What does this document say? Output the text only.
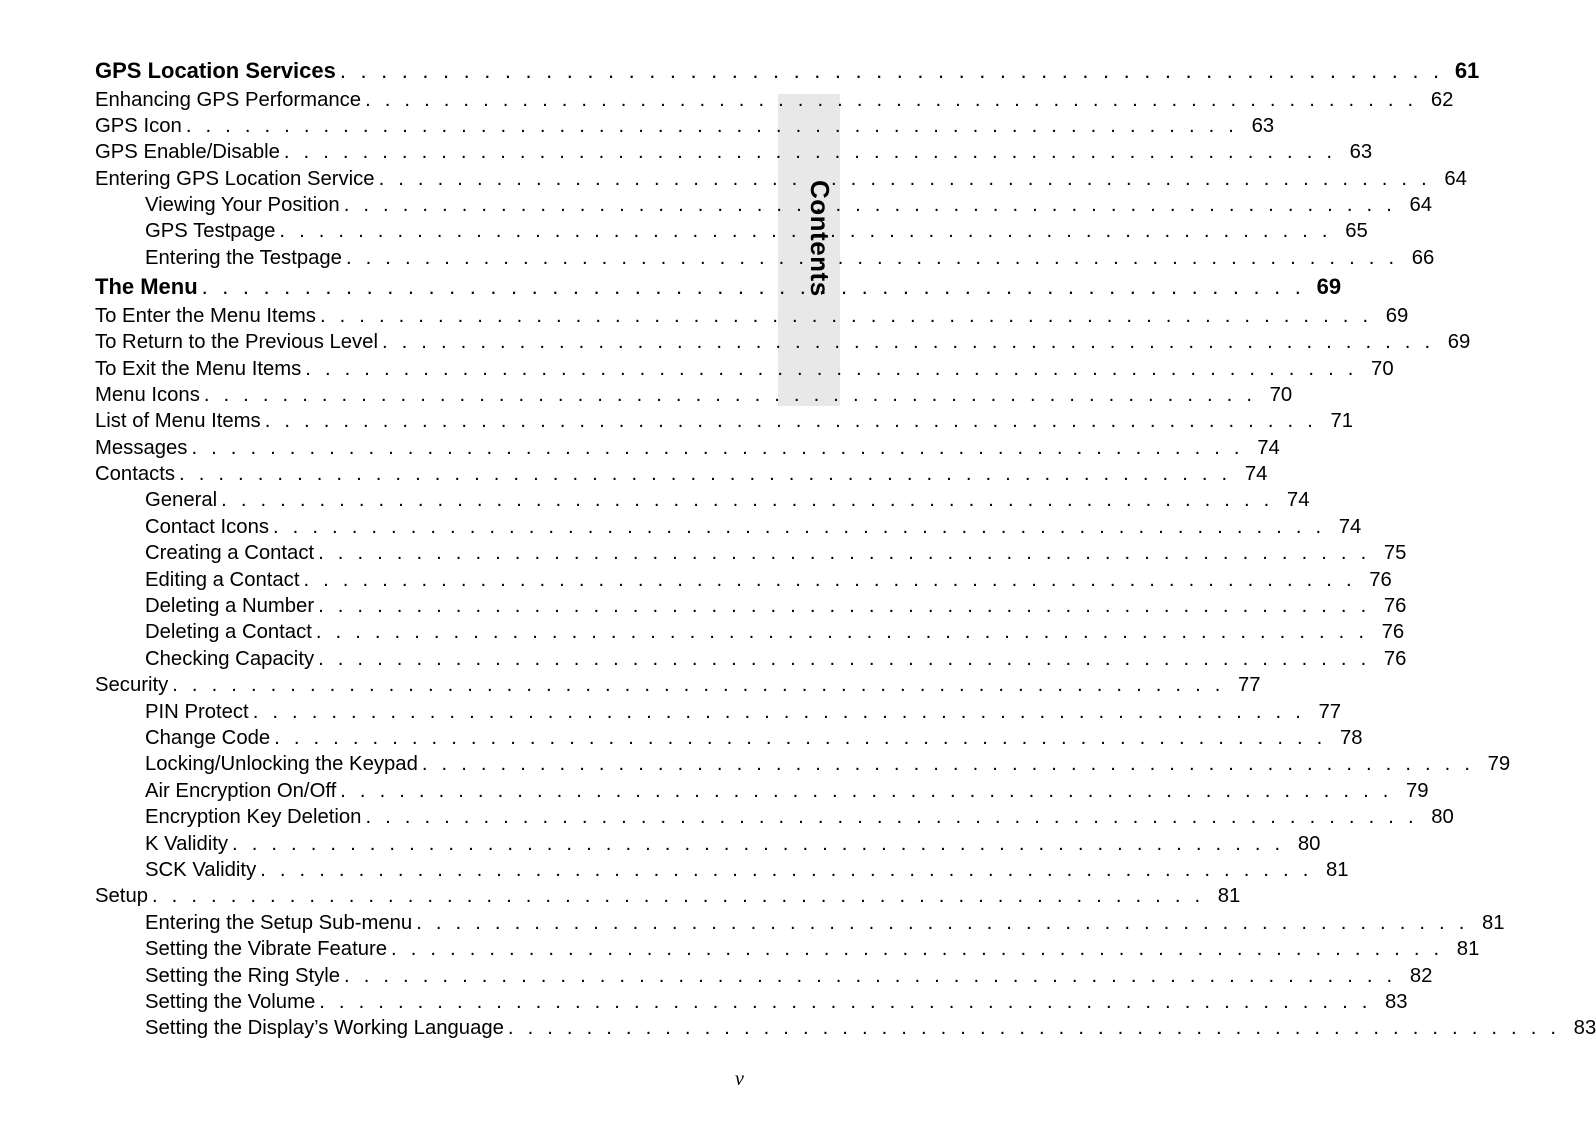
Contents
GPS Location Services . . . . . . . . . . . . . . . . . . . . . . . . . . . . . . . . . . . . . . . . . . . . . . . . . . . . . . 61
Enhancing GPS Performance . . . . . . . . . . . . . . . . . . . . . . . . . . . . . . . . . . . . . . . . . . . . . . . . . . . . . . 62
GPS Icon . . . . . . . . . . . . . . . . . . . . . . . . . . . . . . . . . . . . . . . . . . . . . . . . . . . . . . 63
GPS Enable/Disable . . . . . . . . . . . . . . . . . . . . . . . . . . . . . . . . . . . . . . . . . . . . . . . . . . . . . . 63
Entering GPS Location Service . . . . . . . . . . . . . . . . . . . . . . . . . . . . . . . . . . . . . . . . . . . . . . . . . . . . . . 64
Viewing Your Position . . . . . . . . . . . . . . . . . . . . . . . . . . . . . . . . . . . . . . . . . . . . . . . . . . . . . . 64
GPS Testpage . . . . . . . . . . . . . . . . . . . . . . . . . . . . . . . . . . . . . . . . . . . . . . . . . . . . . . 65
Entering the Testpage . . . . . . . . . . . . . . . . . . . . . . . . . . . . . . . . . . . . . . . . . . . . . . . . . . . . . . 66
The Menu . . . . . . . . . . . . . . . . . . . . . . . . . . . . . . . . . . . . . . . . . . . . . . . . . . . . . . 69
To Enter the Menu Items . . . . . . . . . . . . . . . . . . . . . . . . . . . . . . . . . . . . . . . . . . . . . . . . . . . . . . 69
To Return to the Previous Level . . . . . . . . . . . . . . . . . . . . . . . . . . . . . . . . . . . . . . . . . . . . . . . . . . . . . . 69
To Exit the Menu Items . . . . . . . . . . . . . . . . . . . . . . . . . . . . . . . . . . . . . . . . . . . . . . . . . . . . . . 70
Menu Icons . . . . . . . . . . . . . . . . . . . . . . . . . . . . . . . . . . . . . . . . . . . . . . . . . . . . . . 70
List of Menu Items . . . . . . . . . . . . . . . . . . . . . . . . . . . . . . . . . . . . . . . . . . . . . . . . . . . . . . 71
Messages . . . . . . . . . . . . . . . . . . . . . . . . . . . . . . . . . . . . . . . . . . . . . . . . . . . . . . 74
Contacts . . . . . . . . . . . . . . . . . . . . . . . . . . . . . . . . . . . . . . . . . . . . . . . . . . . . . . 74
General . . . . . . . . . . . . . . . . . . . . . . . . . . . . . . . . . . . . . . . . . . . . . . . . . . . . . . 74
Contact Icons . . . . . . . . . . . . . . . . . . . . . . . . . . . . . . . . . . . . . . . . . . . . . . . . . . . . . . 74
Creating a Contact . . . . . . . . . . . . . . . . . . . . . . . . . . . . . . . . . . . . . . . . . . . . . . . . . . . . . . 75
Editing a Contact . . . . . . . . . . . . . . . . . . . . . . . . . . . . . . . . . . . . . . . . . . . . . . . . . . . . . . 76
Deleting a Number . . . . . . . . . . . . . . . . . . . . . . . . . . . . . . . . . . . . . . . . . . . . . . . . . . . . . . 76
Deleting a Contact . . . . . . . . . . . . . . . . . . . . . . . . . . . . . . . . . . . . . . . . . . . . . . . . . . . . . . 76
Checking Capacity . . . . . . . . . . . . . . . . . . . . . . . . . . . . . . . . . . . . . . . . . . . . . . . . . . . . . . 76
Security . . . . . . . . . . . . . . . . . . . . . . . . . . . . . . . . . . . . . . . . . . . . . . . . . . . . . . 77
PIN Protect . . . . . . . . . . . . . . . . . . . . . . . . . . . . . . . . . . . . . . . . . . . . . . . . . . . . . . 77
Change Code . . . . . . . . . . . . . . . . . . . . . . . . . . . . . . . . . . . . . . . . . . . . . . . . . . . . . . 78
Locking/Unlocking the Keypad . . . . . . . . . . . . . . . . . . . . . . . . . . . . . . . . . . . . . . . . . . . . . . . . . . . . . . 79
Air Encryption On/Off . . . . . . . . . . . . . . . . . . . . . . . . . . . . . . . . . . . . . . . . . . . . . . . . . . . . . . 79
Encryption Key Deletion . . . . . . . . . . . . . . . . . . . . . . . . . . . . . . . . . . . . . . . . . . . . . . . . . . . . . . 80
K Validity . . . . . . . . . . . . . . . . . . . . . . . . . . . . . . . . . . . . . . . . . . . . . . . . . . . . . . 80
SCK Validity . . . . . . . . . . . . . . . . . . . . . . . . . . . . . . . . . . . . . . . . . . . . . . . . . . . . . . 81
Setup . . . . . . . . . . . . . . . . . . . . . . . . . . . . . . . . . . . . . . . . . . . . . . . . . . . . . . 81
Entering the Setup Sub-menu . . . . . . . . . . . . . . . . . . . . . . . . . . . . . . . . . . . . . . . . . . . . . . . . . . . . . . 81
Setting the Vibrate Feature . . . . . . . . . . . . . . . . . . . . . . . . . . . . . . . . . . . . . . . . . . . . . . . . . . . . . . 81
Setting the Ring Style . . . . . . . . . . . . . . . . . . . . . . . . . . . . . . . . . . . . . . . . . . . . . . . . . . . . . . 82
Setting the Volume . . . . . . . . . . . . . . . . . . . . . . . . . . . . . . . . . . . . . . . . . . . . . . . . . . . . . . 83
Setting the Display’s Working Language . . . . . . . . . . . . . . . . . . . . . . . . . . . . . . . . . . . . . . . . . . . . . . . . . . . . . . 83
v
